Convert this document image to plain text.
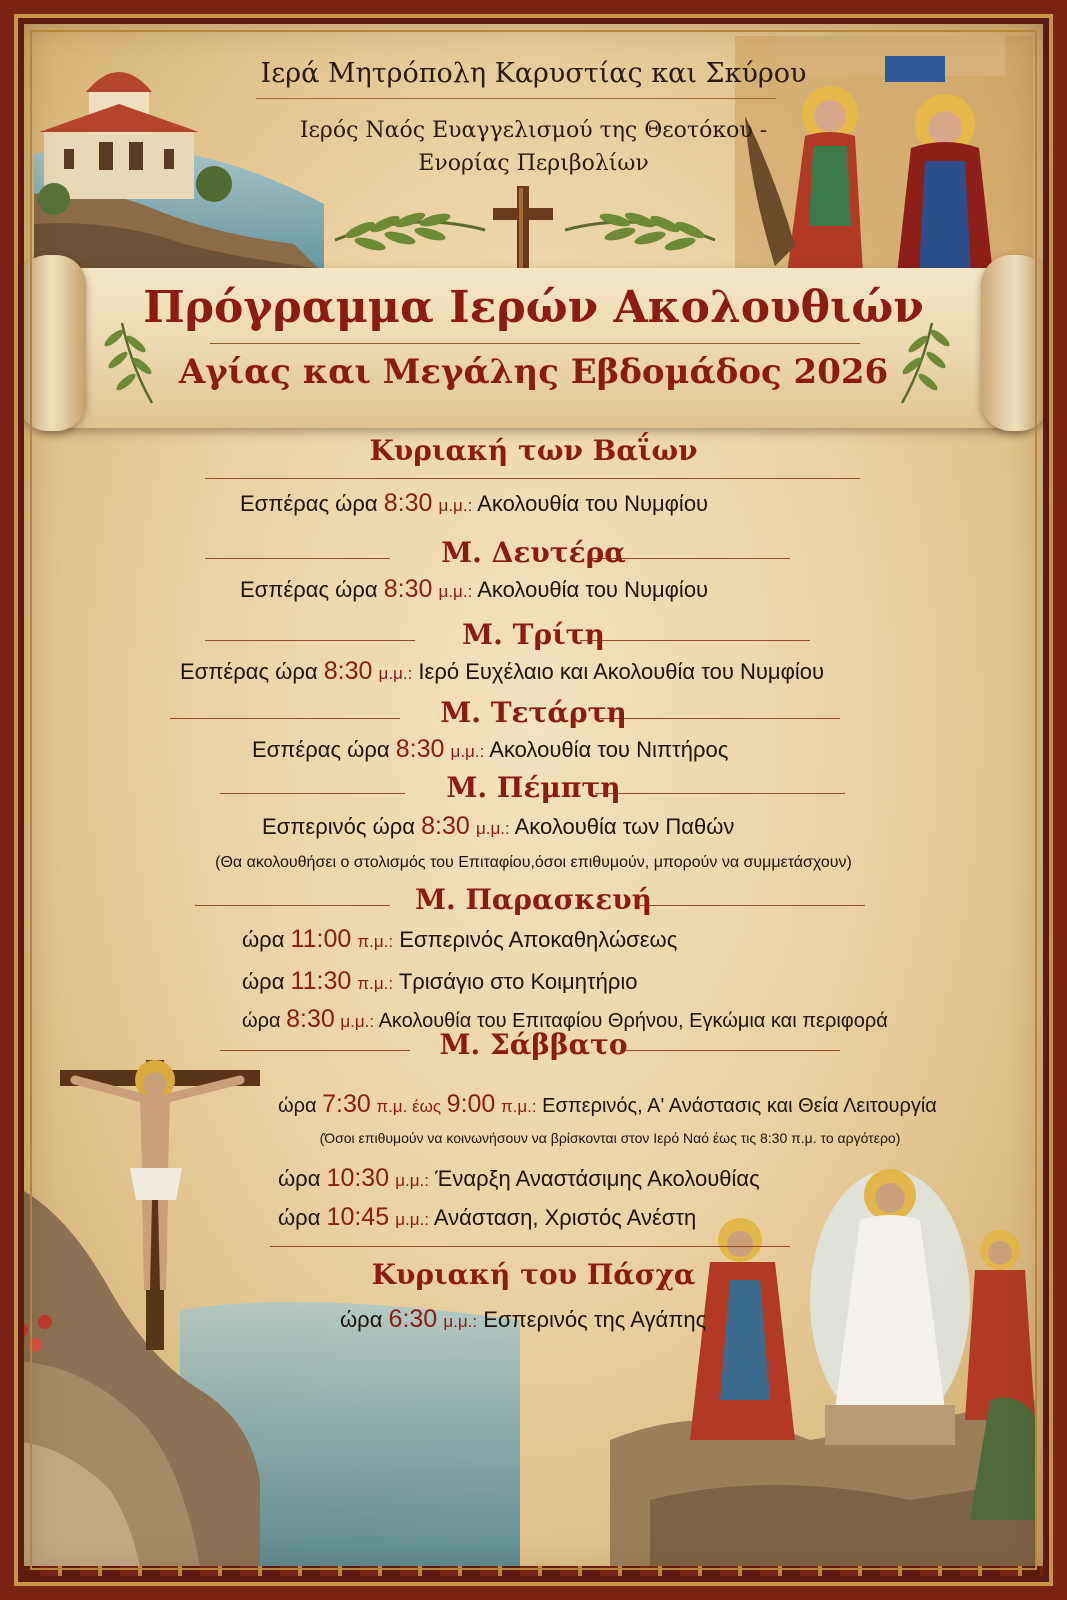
Ιερά Μητρόπολη Καρυστίας και Σκύρου
Ιερός Ναός Ευαγγελισμού της Θεοτόκου -
Ενορίας Περιβολίων
Πρόγραμμα Ιερών Ακολουθιών
Αγίας και Μεγάλης Εβδομάδος 2026
Κυριακή των Βαΐων
Εσπέρας ώρα 8:30 μ.μ.: Ακολουθία του Νυμφίου
Μ. Δευτέρα
Εσπέρας ώρα 8:30 μ.μ.: Ακολουθία του Νυμφίου
Μ. Τρίτη
Εσπέρας ώρα 8:30 μ.μ.: Ιερό Ευχέλαιο και Ακολουθία του Νυμφίου
Μ. Τετάρτη
Εσπέρας ώρα 8:30 μ.μ.: Ακολουθία του Νιπτήρος
Μ. Πέμπτη
Εσπερινός ώρα 8:30 μ.μ.: Ακολουθία των Παθών
(Θα ακολουθήσει ο στολισμός του Επιταφίου,όσοι επιθυμούν, μπορούν να συμμετάσχουν)
Μ. Παρασκευή
ώρα 11:00 π.μ.: Εσπερινός Αποκαθηλώσεως
ώρα 11:30 π.μ.: Τρισάγιο στο Κοιμητήριο
ώρα 8:30 μ.μ.: Ακολουθία του Επιταφίου Θρήνου, Εγκώμια και περιφορά
Μ. Σάββατο
ώρα 7:30 π.μ. έως 9:00 π.μ.: Εσπερινός, Α' Ανάστασις και Θεία Λειτουργία
(Όσοι επιθυμούν να κοινωνήσουν να βρίσκονται στον Ιερό Ναό έως τις 8:30 π.μ. το αργότερο)
ώρα 10:30 μ.μ.: Έναρξη Αναστάσιμης Ακολουθίας
ώρα 10:45 μ.μ.: Ανάσταση, Χριστός Ανέστη
Κυριακή του Πάσχα
ώρα 6:30 μ.μ.: Εσπερινός της Αγάπης
